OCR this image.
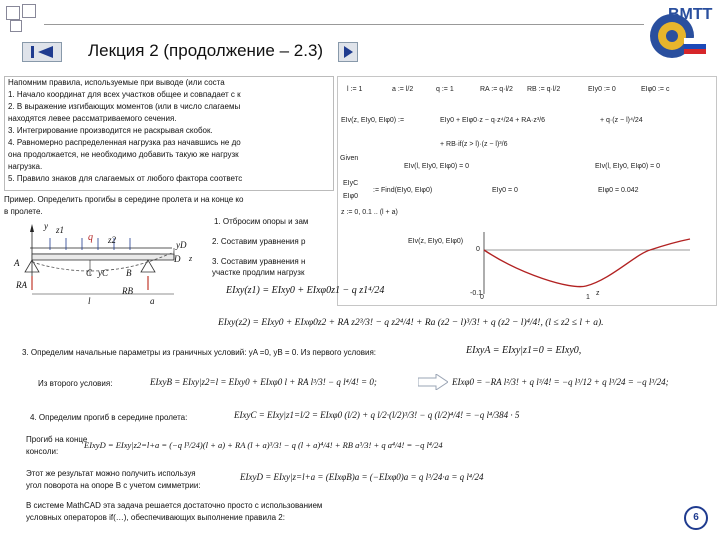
Лекция 2 (продолжение – 2.3)
ВМТТ
Напомним правила, используемые при выводе (или соста
1. Начало координат для всех участков общее и совпадает с к
2. В выражение изгибающих моментов (или в число слагаемы
находятся левее рассматриваемого сечения.
3. Интегрирование производится не раскрывая скобок.
4. Равномерно распределенная нагрузка раз начавшись не до
она продолжается, не необходимо добавить такую же нагрузк
нагрузка.
5. Правило знаков для слагаемых от любого фактора соответс
l := 1	a := l/2	q := 1	RA := q·l/2 RB := q·l/2	EIy0 := 0	EIφ0 := c
EIv(z, EIy0, EIφ0) :=	EIy0 + EIφ0·z − q·z⁴/24 + RA·z³/6
+ RB·if(z > l)·(z − l)³/6
+ q·(z − l)⁴/24
Given
EIv(l, EIy0, EIφ0) = 0	EIv(l, EIy0, EIφ0) = 0
EIyC
EIφ0
:= Find(EIy0, EIφ0)	EIy0 = 0	EIφ0 = 0.042
z := 0, 0.1 .. (l + a)
EIv(z, EIy0, EIφ0)
0
-0.1
0	1
z
Пример. Определить прогибы в середине пролета и на конце ко
в пролете.
1. Отбросим опоры и зам
2. Составим уравнения р
3. Составим уравнения н
участке продлим нагрузк
y z1
q z2	yD
D z
A
C yC B
RA
RB
l	a
EIxy(z1) = EIxy0 + EIxφ0z1 − q z1⁴/24
EIxy(z2) = EIxy0 + EIxφ0z2 + RA z2³/3! − q z2⁴/4! + Ra (z2 − l)³/3! + q (z2 − l)⁴/4!, (l ≤ z2 ≤ l + a).
3. Определим начальные параметры из граничных условий: yA =0, yB = 0. Из первого условия:	EIxyA = EIxy|z1=0 = EIxy0,
Из второго условия:	EIxyB = EIxy|z2=l = EIxy0 + EIxφ0 l + RA l³/3! − q l⁴/4! = 0;	EIxφ0 = −RA l²/3! + q l³/4! = −q l³/12 + q l³/24 = −q l³/24;
4. Определим прогиб в середине пролета:	EIxyC = EIxy|z1=l/2 = EIxφ0 (l/2) + q l/2·(l/2)³/3! − q (l/2)⁴/4! = −q l⁴/384 · 5
Прогиб на конце
консоли:
EIxyD = EIxy|z2=l+a = (−q l³/24)(l + a) + RA (l + a)³/3! − q (l + a)⁴/4! + RB a³/3! + q a⁴/4! = −q l⁴/24
Этот же результат можно получить используя
угол поворота на опоре B с учетом симметрии:
EIxyD = EIxy|z=l+a = (EIxφB)a = (−EIxφ0)a = q l³/24·a = q l⁴/24
В системе MathCAD эта задача решается достаточно просто с использованием
условных операторов if(…), обеспечивающих выполнение правила 2:	6
